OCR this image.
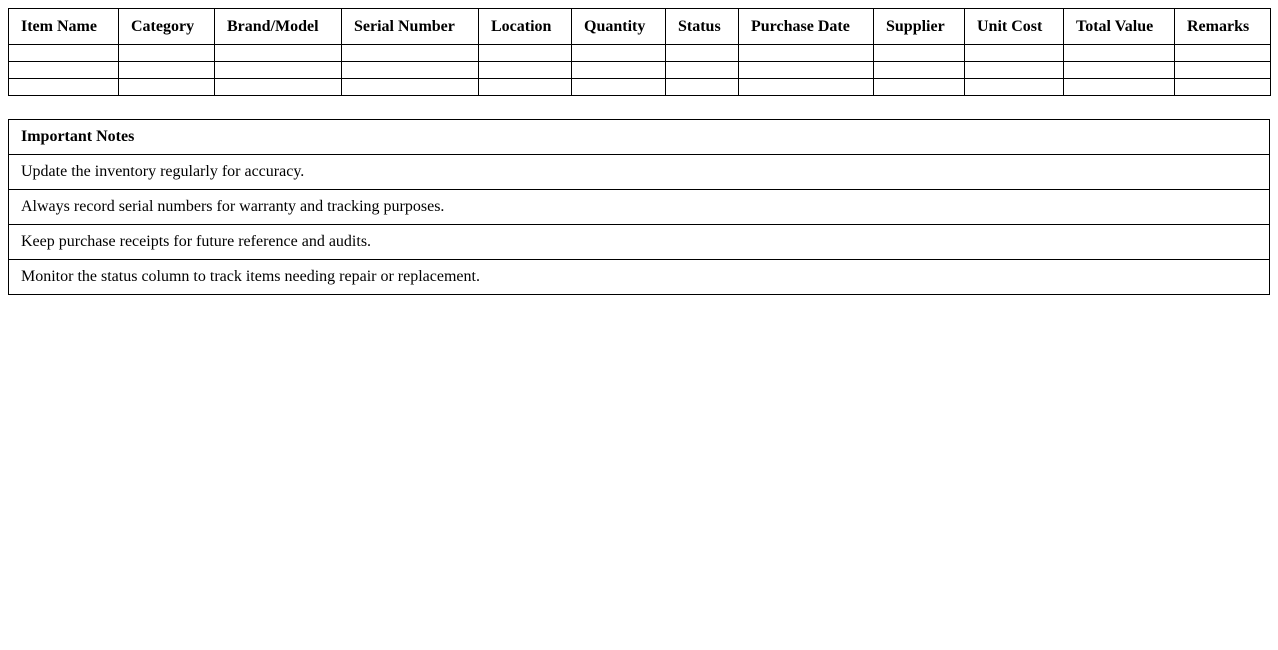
Item Name	Category	Brand/Model	Serial Number	Location	Quantity	Status	Purchase Date	Supplier	Unit Cost	Total Value	Remarks

Important Notes
Update the inventory regularly for accuracy.
Always record serial numbers for warranty and tracking purposes.
Keep purchase receipts for future reference and audits.
Monitor the status column to track items needing repair or replacement.
